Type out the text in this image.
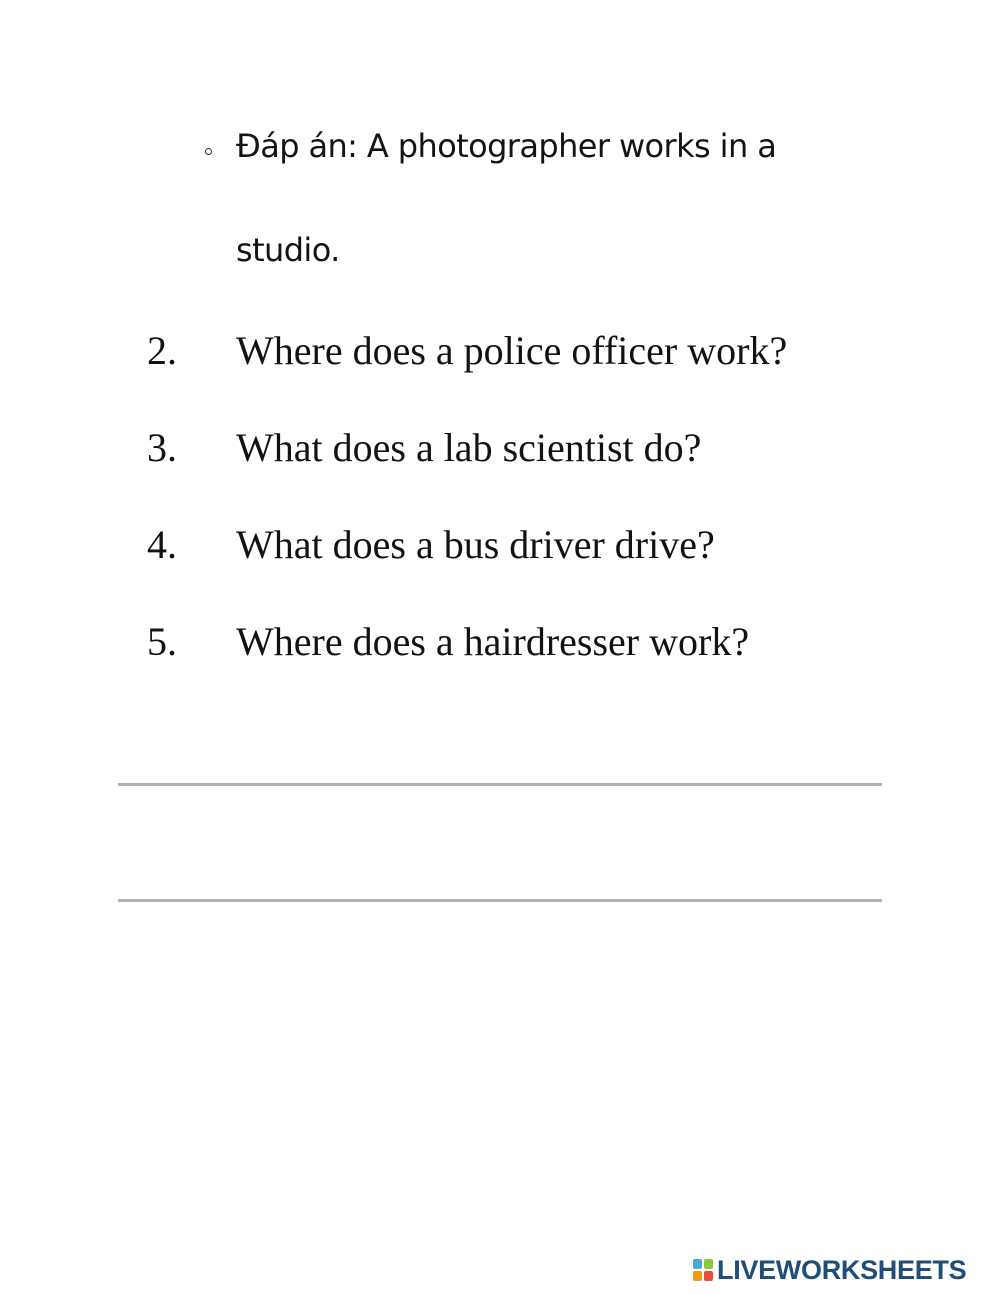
Đáp án: A photographer works in a
studio.
2. Where does a police officer work?
3. What does a lab scientist do?
4. What does a bus driver drive?
5. Where does a hairdresser work?
LIVEWORKSHEETS
